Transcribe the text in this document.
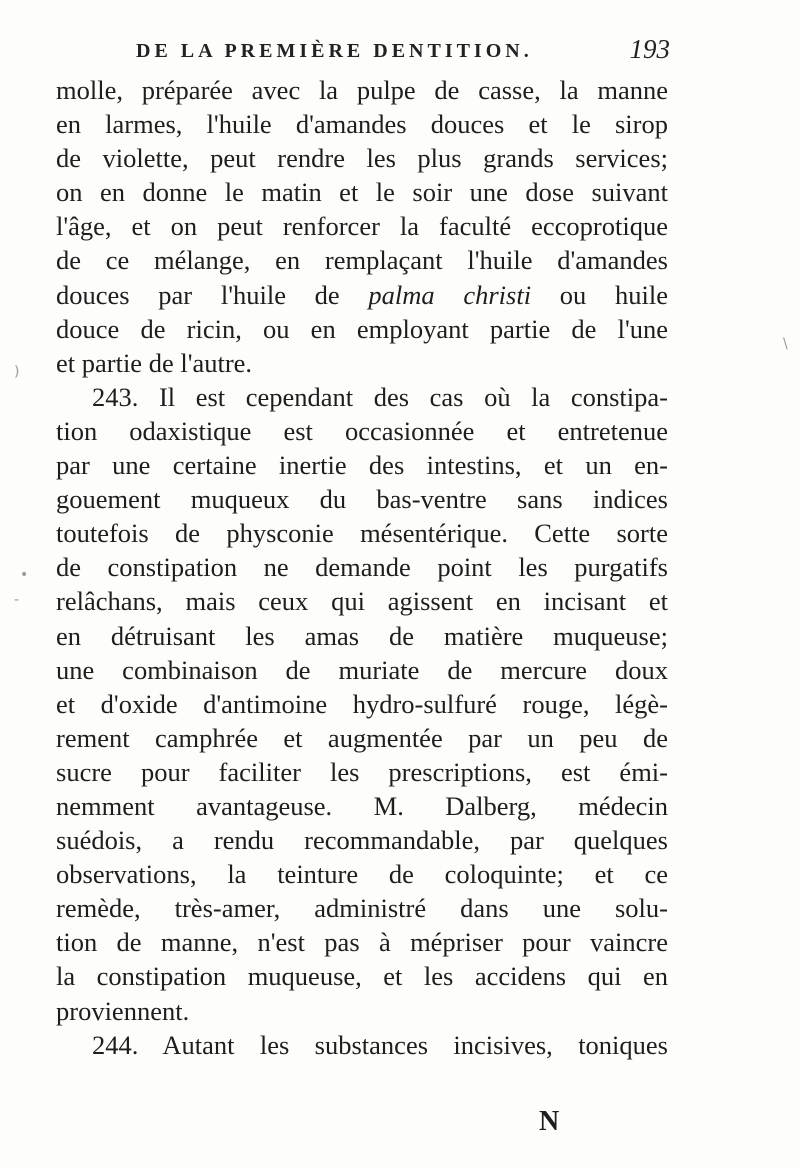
DE LA PREMIÈRE DENTITION.	193
molle, préparée avec la pulpe de casse, la manne
en larmes, l'huile d'amandes douces et le sirop
de violette, peut rendre les plus grands services;
on en donne le matin et le soir une dose suivant
l'âge, et on peut renforcer la faculté eccoprotique
de ce mélange, en remplaçant l'huile d'amandes
douces par l'huile de palma christi ou huile
douce de ricin, ou en employant partie de l'une
et partie de l'autre.
243. Il est cependant des cas où la constipa-
tion odaxistique est occasionnée et entretenue
par une certaine inertie des intestins, et un en-
gouement muqueux du bas-ventre sans indices
toutefois de physconie mésentérique. Cette sorte
de constipation ne demande point les purgatifs
relâchans, mais ceux qui agissent en incisant et
en détruisant les amas de matière muqueuse;
une combinaison de muriate de mercure doux
et d'oxide d'antimoine hydro-sulfuré rouge, légè-
rement camphrée et augmentée par un peu de
sucre pour faciliter les prescriptions, est émi-
nemment avantageuse. M. Dalberg, médecin
suédois, a rendu recommandable, par quelques
observations, la teinture de coloquinte; et ce
remède, très-amer, administré dans une solu-
tion de manne, n'est pas à mépriser pour vaincre
la constipation muqueuse, et les accidens qui en
proviennent.
244. Autant les substances incisives, toniques
N
)
•
‑
\
